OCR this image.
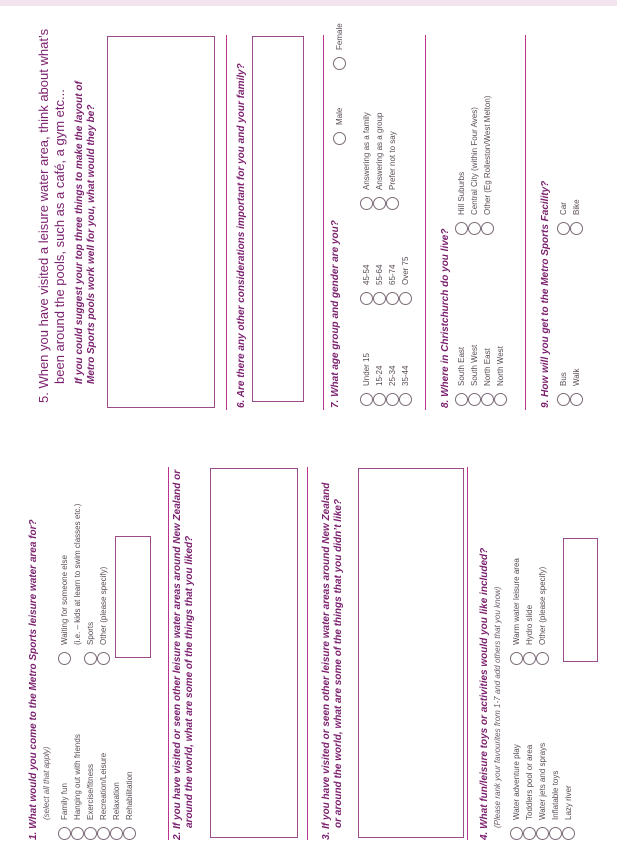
1. What would you come to the Metro Sports leisure water area for? (select all that apply) Family fun Hanging out with friends Exercise/fitness Recreation/Leisure Relaxation Rehabilitation
Waiting for someone else (i.e. – kids at learn to swim classes etc.) Sports Other (please specify)	2. If you have visited or seen other leisure water areas around New Zealand or around the world, what are some of the things that you liked?	3. If you have visited or seen other leisure water areas around New Zealand or around the world, what are some of the things that you didn’t like?	4. What fun/leisure toys or activities would you like included? (Please rank your favourites from 1-7 and add others that you know) Water adventure play Toddlers pool or area Water jets and sprays Inflatable toys Lazy river
Warm water leisure area Hydro slide Other (please specify)
5. When you have visited a leisure water area, think about what’s been around the pools, such as a café, a gym etc... If you could suggest your top three things to make the layout of Metro Sports pools work well for you, what would they be?	6. Are there any other considerations important for you and your family?	7. What age group and gender are you?	Under 15 15-24 25-34 35-44
45-54 55-64 65-74 Over 75
Answering as a family Answering as a group Prefer not to say
Male
Female
8. Where in Christchurch do you live? South East South West North East North West
Hill Suburbs Central City (within Four Aves) Other (Eg Rolleston/West Melton)
9. How will you get to the Metro Sports Facility? Bus Walk
Car Bike
